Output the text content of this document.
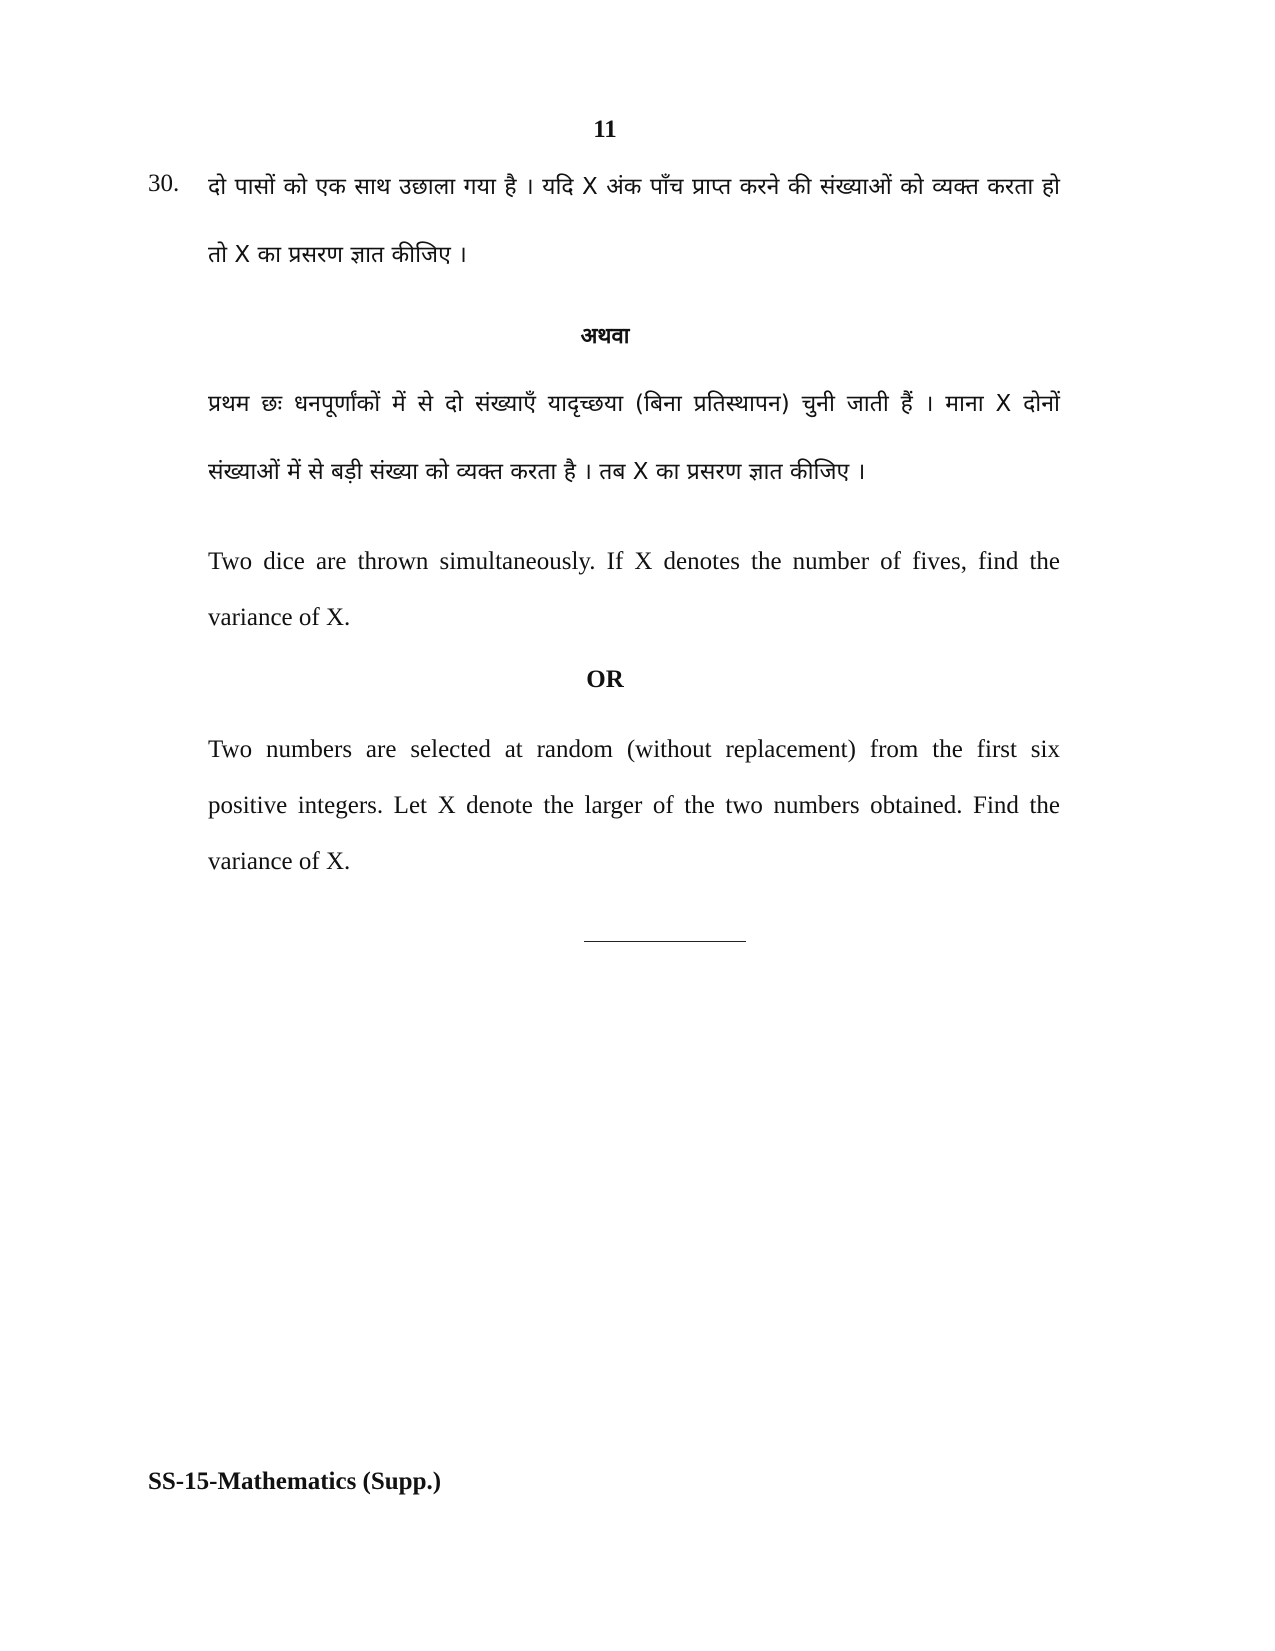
11
30. दो पासों को एक साथ उछाला गया है । यदि X अंक पाँच प्राप्त करने की संख्याओं को व्यक्त करता हो तो X का प्रसरण ज्ञात कीजिए ।
अथवा
प्रथम छः धनपूर्णांकों में से दो संख्याएँ यादृच्छया (बिना प्रतिस्थापन) चुनी जाती हैं । माना X दोनों संख्याओं में से बड़ी संख्या को व्यक्त करता है । तब X का प्रसरण ज्ञात कीजिए ।
Two dice are thrown simultaneously. If X denotes the number of fives, find the variance of X.
OR
Two numbers are selected at random (without replacement) from the first six positive integers. Let X denote the larger of the two numbers obtained. Find the variance of X.
SS-15-Mathematics (Supp.)
